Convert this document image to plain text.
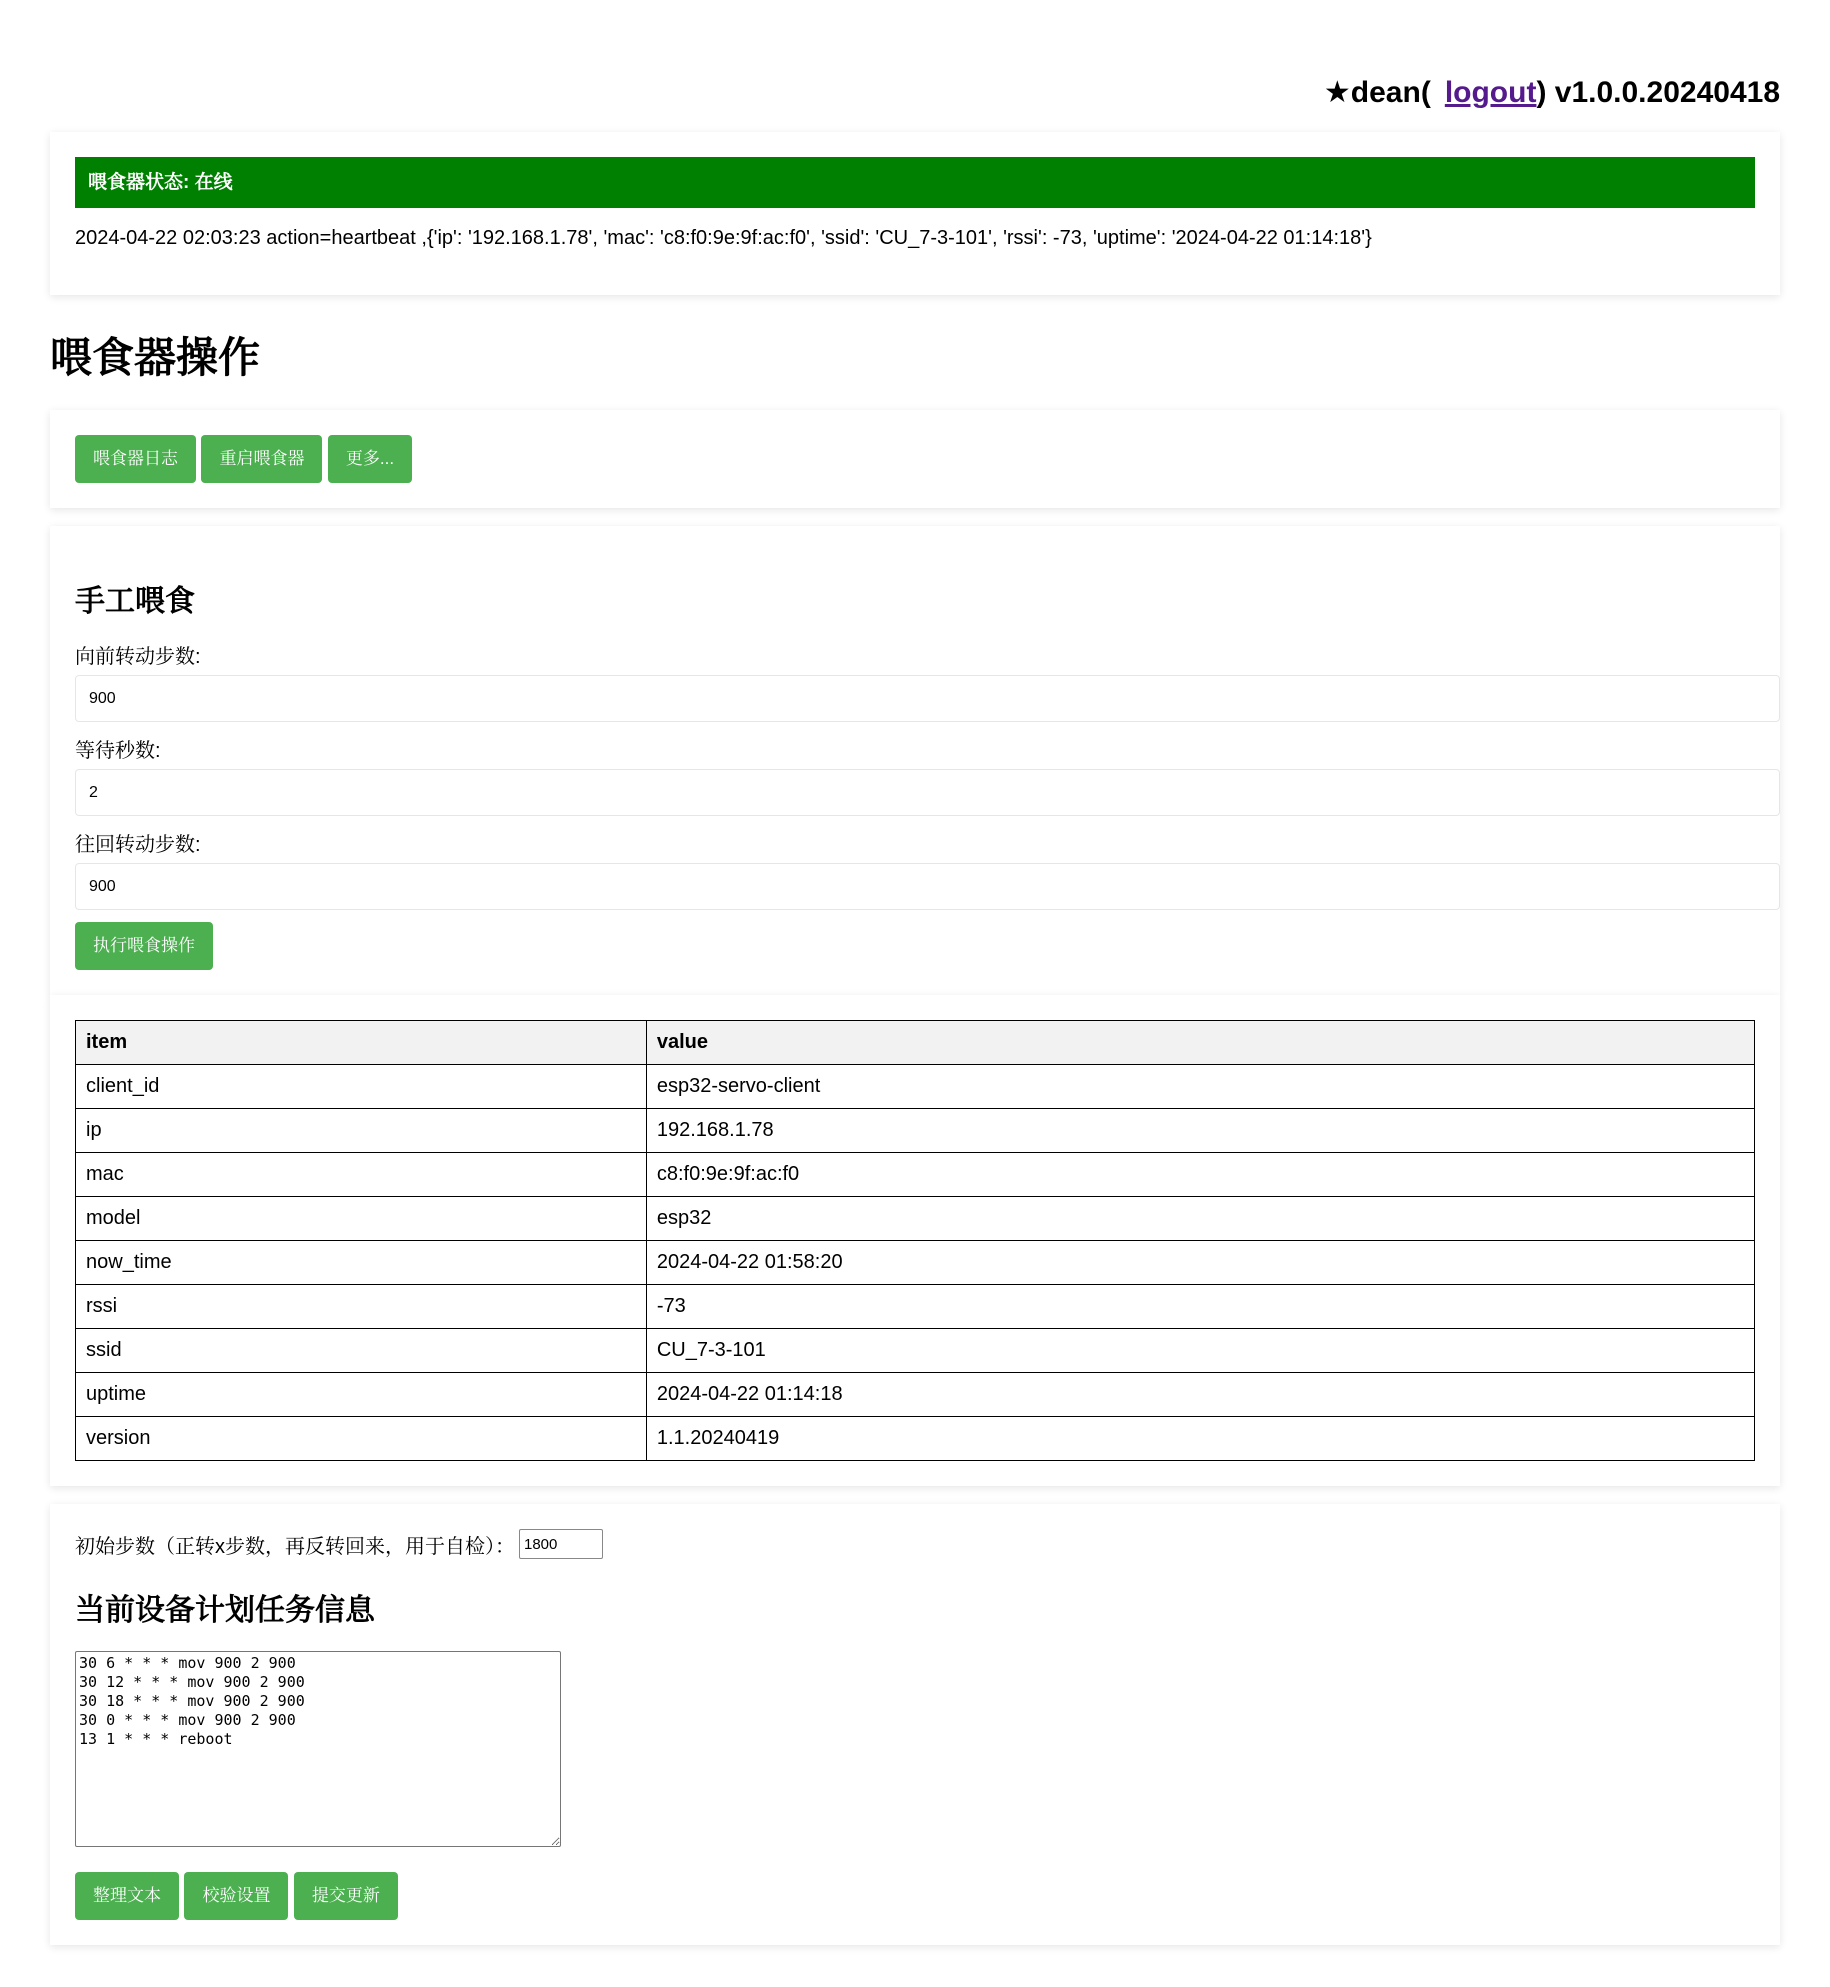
★ dean( logout ) v1.0.0.20240418
喂食器状态: 在线
2024-04-22 02:03:23 action=heartbeat ,{'ip': '192.168.1.78', 'mac': 'c8:f0:9e:9f:ac:f0', 'ssid': 'CU_7-3-101', 'rssi': -73, 'uptime': '2024-04-22 01:14:18'}
喂食器操作
喂食器日志 重启喂食器 更多...
手工喂食
向前转动步数:
900
等待秒数:
2
往回转动步数:
900 执行喂食操作
item	value
client_id	esp32-servo-client
ip	192.168.1.78
mac	c8:f0:9e:9f:ac:f0
model	esp32
now_time	2024-04-22 01:58:20
rssi	-73
ssid	CU_7-3-101
uptime	2024-04-22 01:14:18
version	1.1.20240419
初始步数（正转x步数，再反转回来，用于自检）：
1800
当前设备计划任务信息
30 6 * * * mov 900 2 900 30 12 * * * mov 900 2 900 30 18 * * * mov 900 2 900 30 0 * * * mov 900 2 900 13 1 * * * reboot
整理文本 校验设置 提交更新
